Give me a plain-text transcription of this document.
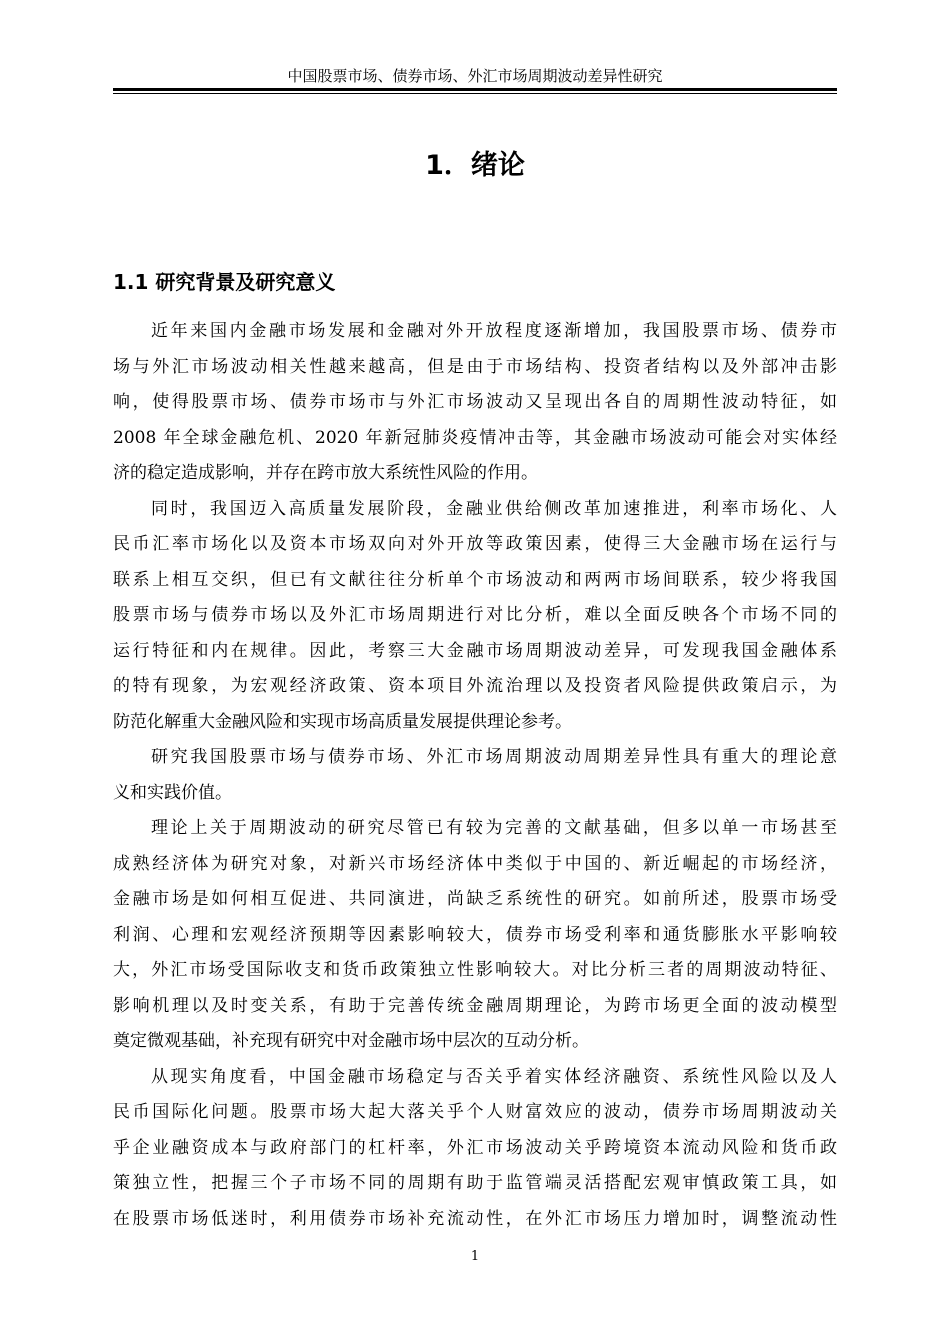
中国股票市场、债券市场、外汇市场周期波动差异性研究
1．绪论
1.1 研究背景及研究意义
近年来国内金融市场发展和金融对外开放程度逐渐增加，我国股票市场、债券市
场与外汇市场波动相关性越来越高，但是由于市场结构、投资者结构以及外部冲击影
响，使得股票市场、债券市场市与外汇市场波动又呈现出各自的周期性波动特征，如
2008 年全球金融危机、2020 年新冠肺炎疫情冲击等，其金融市场波动可能会对实体经
济的稳定造成影响，并存在跨市放大系统性风险的作用。
同时，我国迈入高质量发展阶段，金融业供给侧改革加速推进，利率市场化、人
民币汇率市场化以及资本市场双向对外开放等政策因素，使得三大金融市场在运行与
联系上相互交织，但已有文献往往分析单个市场波动和两两市场间联系，较少将我国
股票市场与债券市场以及外汇市场周期进行对比分析，难以全面反映各个市场不同的
运行特征和内在规律。因此，考察三大金融市场周期波动差异，可发现我国金融体系
的特有现象，为宏观经济政策、资本项目外流治理以及投资者风险提供政策启示，为
防范化解重大金融风险和实现市场高质量发展提供理论参考。
研究我国股票市场与债券市场、外汇市场周期波动周期差异性具有重大的理论意
义和实践价值。
理论上关于周期波动的研究尽管已有较为完善的文献基础，但多以单一市场甚至
成熟经济体为研究对象，对新兴市场经济体中类似于中国的、新近崛起的市场经济，
金融市场是如何相互促进、共同演进，尚缺乏系统性的研究。如前所述，股票市场受
利润、心理和宏观经济预期等因素影响较大，债券市场受利率和通货膨胀水平影响较
大，外汇市场受国际收支和货币政策独立性影响较大。对比分析三者的周期波动特征、
影响机理以及时变关系，有助于完善传统金融周期理论，为跨市场更全面的波动模型
奠定微观基础，补充现有研究中对金融市场中层次的互动分析。
从现实角度看，中国金融市场稳定与否关乎着实体经济融资、系统性风险以及人
民币国际化问题。股票市场大起大落关乎个人财富效应的波动，债券市场周期波动关
乎企业融资成本与政府部门的杠杆率，外汇市场波动关乎跨境资本流动风险和货币政
策独立性，把握三个子市场不同的周期有助于监管端灵活搭配宏观审慎政策工具，如
在股票市场低迷时，利用债券市场补充流动性，在外汇市场压力增加时，调整流动性
1
